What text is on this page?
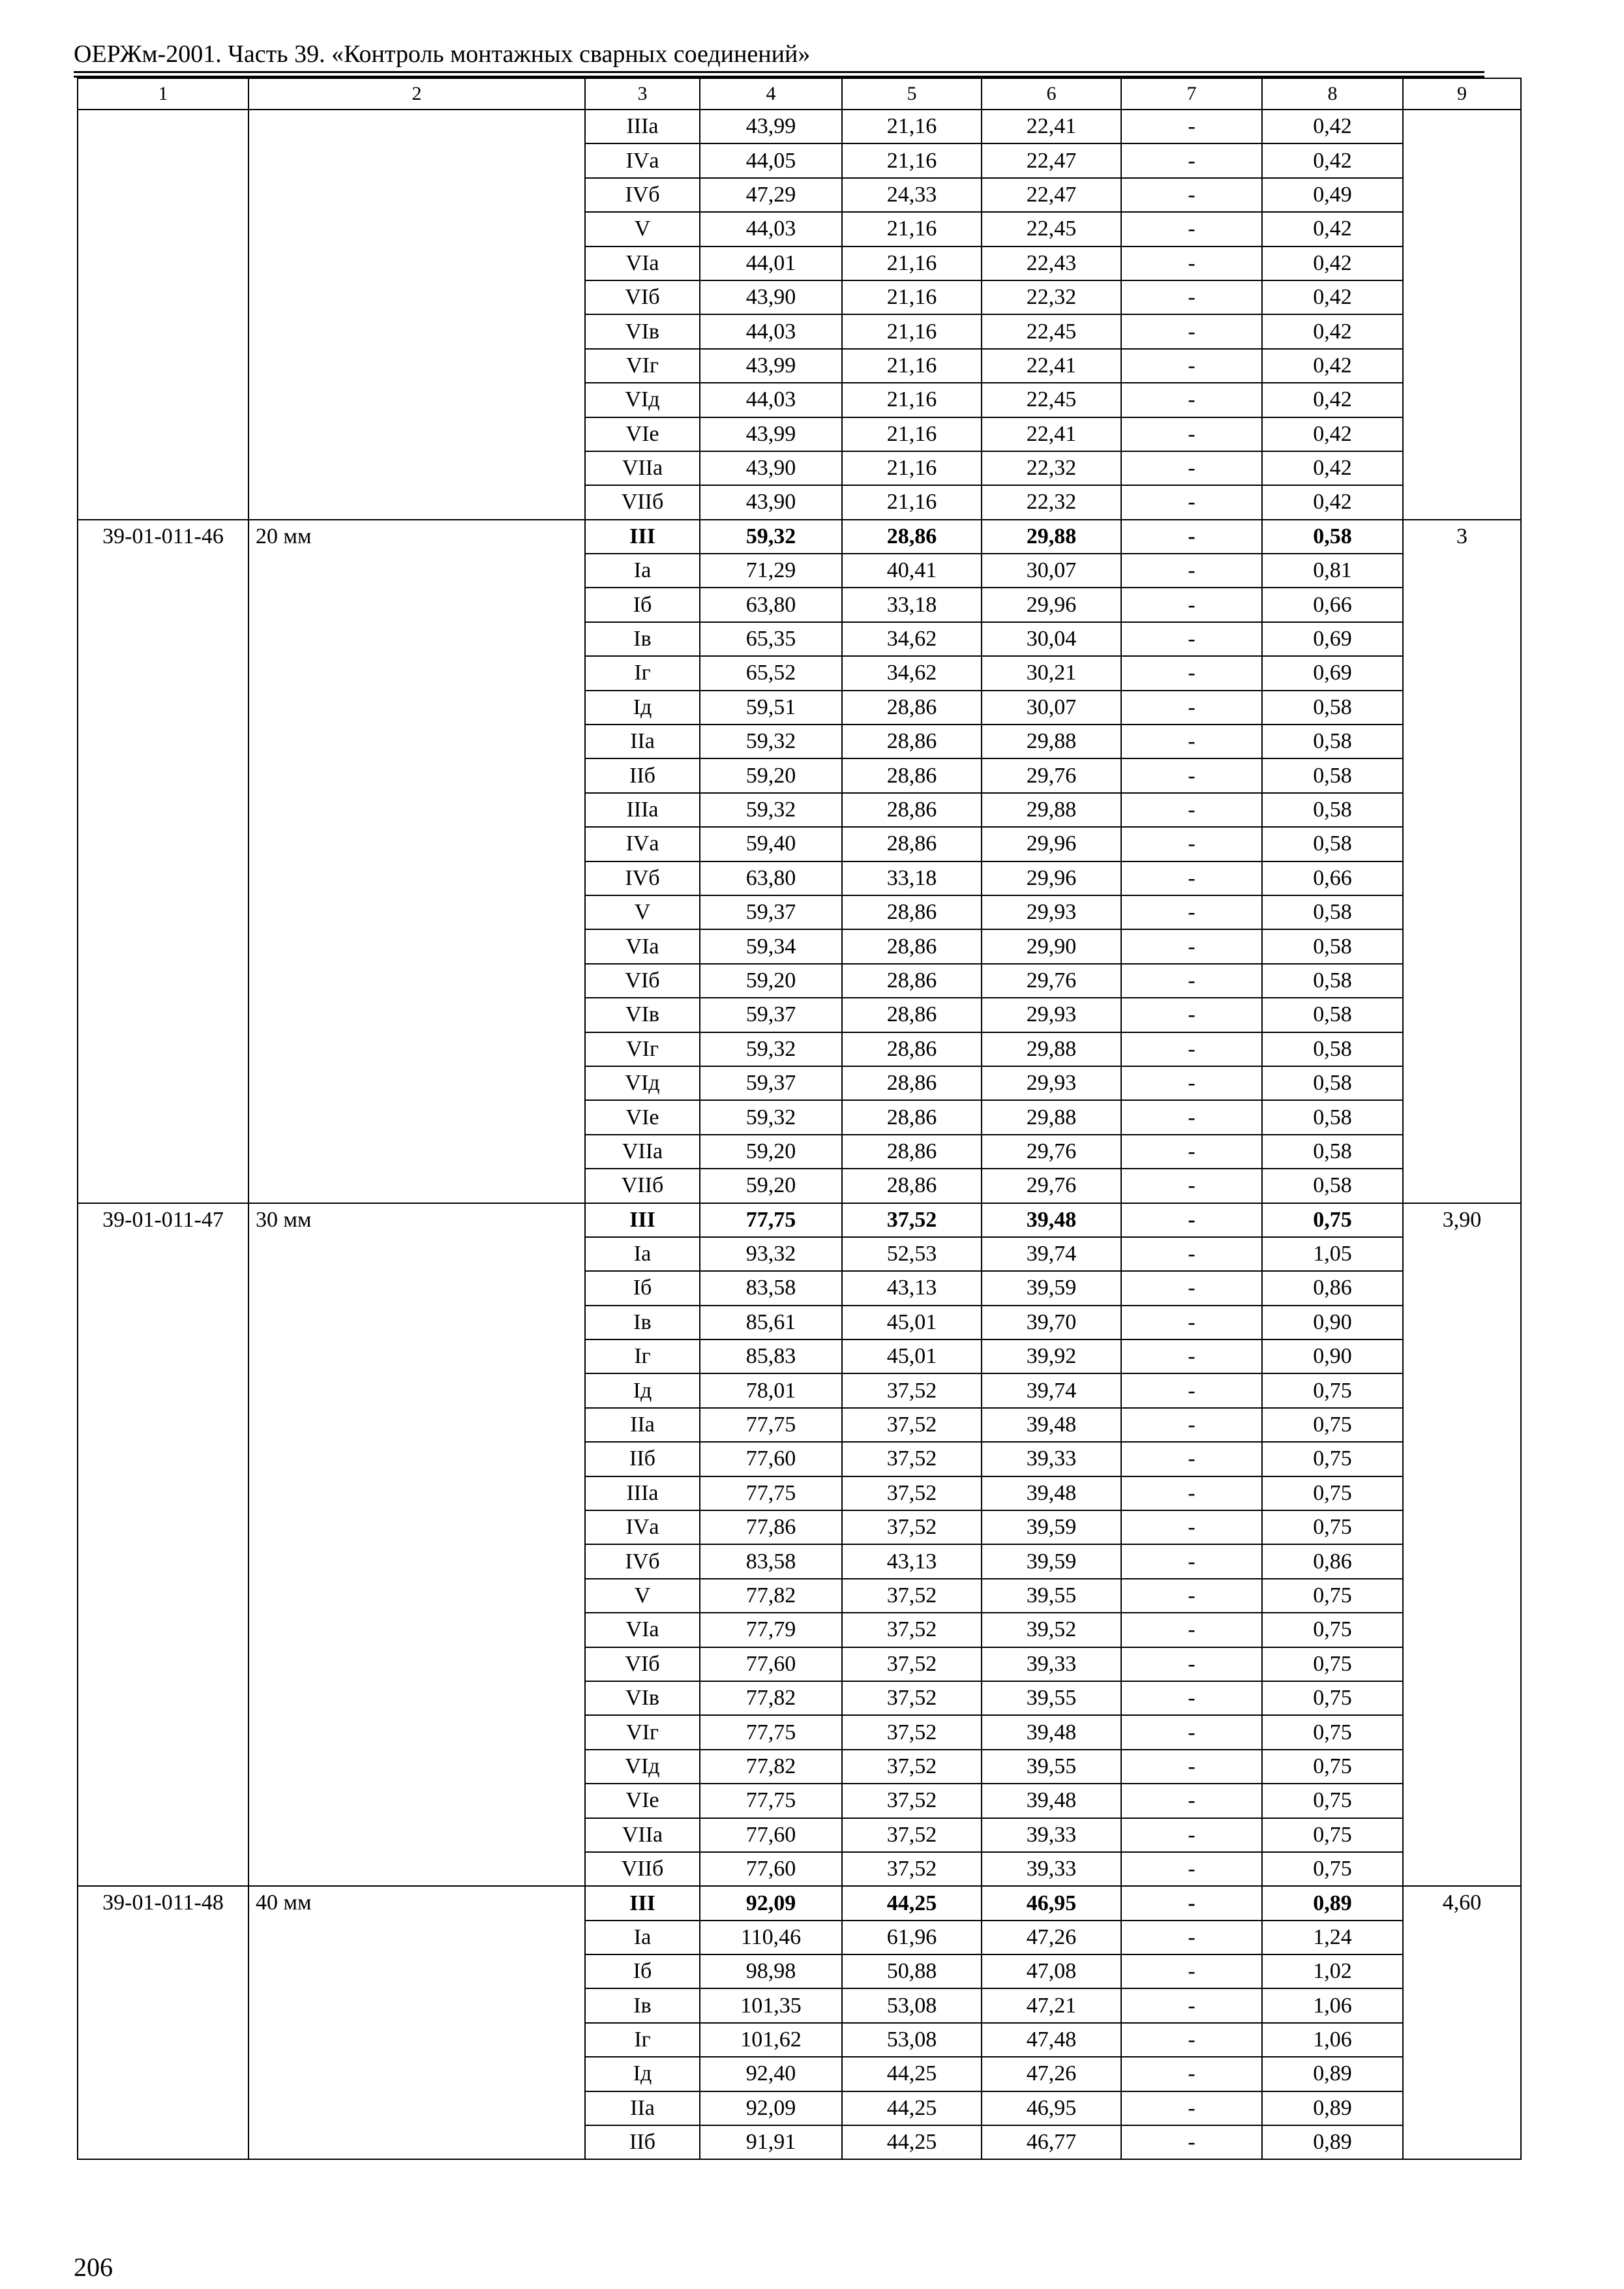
ОЕРЖм-2001. Часть 39. «Контроль монтажных сварных соединений»
1	2	3	4	5	6	7	8	9
		IIIа	43,99	21,16	22,41	-	0,42	
		IVа	44,05	21,16	22,47	-	0,42	
		IVб	47,29	24,33	22,47	-	0,49	
		V	44,03	21,16	22,45	-	0,42	
		VIа	44,01	21,16	22,43	-	0,42	
		VIб	43,90	21,16	22,32	-	0,42	
		VIв	44,03	21,16	22,45	-	0,42	
		VIг	43,99	21,16	22,41	-	0,42	
		VIд	44,03	21,16	22,45	-	0,42	
		VIе	43,99	21,16	22,41	-	0,42	
		VIIа	43,90	21,16	22,32	-	0,42	
		VIIб	43,90	21,16	22,32	-	0,42	
39-01-011-46	20 мм	III	59,32	28,86	29,88	-	0,58	3
		Iа	71,29	40,41	30,07	-	0,81	
		Iб	63,80	33,18	29,96	-	0,66	
		Iв	65,35	34,62	30,04	-	0,69	
		Iг	65,52	34,62	30,21	-	0,69	
		Iд	59,51	28,86	30,07	-	0,58	
		IIа	59,32	28,86	29,88	-	0,58	
		IIб	59,20	28,86	29,76	-	0,58	
		IIIа	59,32	28,86	29,88	-	0,58	
		IVа	59,40	28,86	29,96	-	0,58	
		IVб	63,80	33,18	29,96	-	0,66	
		V	59,37	28,86	29,93	-	0,58	
		VIа	59,34	28,86	29,90	-	0,58	
		VIб	59,20	28,86	29,76	-	0,58	
		VIв	59,37	28,86	29,93	-	0,58	
		VIг	59,32	28,86	29,88	-	0,58	
		VIд	59,37	28,86	29,93	-	0,58	
		VIе	59,32	28,86	29,88	-	0,58	
		VIIа	59,20	28,86	29,76	-	0,58	
		VIIб	59,20	28,86	29,76	-	0,58	
39-01-011-47	30 мм	III	77,75	37,52	39,48	-	0,75	3,90
		Iа	93,32	52,53	39,74	-	1,05	
		Iб	83,58	43,13	39,59	-	0,86	
		Iв	85,61	45,01	39,70	-	0,90	
		Iг	85,83	45,01	39,92	-	0,90	
		Iд	78,01	37,52	39,74	-	0,75	
		IIа	77,75	37,52	39,48	-	0,75	
		IIб	77,60	37,52	39,33	-	0,75	
		IIIа	77,75	37,52	39,48	-	0,75	
		IVа	77,86	37,52	39,59	-	0,75	
		IVб	83,58	43,13	39,59	-	0,86	
		V	77,82	37,52	39,55	-	0,75	
		VIа	77,79	37,52	39,52	-	0,75	
		VIб	77,60	37,52	39,33	-	0,75	
		VIв	77,82	37,52	39,55	-	0,75	
		VIг	77,75	37,52	39,48	-	0,75	
		VIд	77,82	37,52	39,55	-	0,75	
		VIе	77,75	37,52	39,48	-	0,75	
		VIIа	77,60	37,52	39,33	-	0,75	
		VIIб	77,60	37,52	39,33	-	0,75	
39-01-011-48	40 мм	III	92,09	44,25	46,95	-	0,89	4,60
		Iа	110,46	61,96	47,26	-	1,24	
		Iб	98,98	50,88	47,08	-	1,02	
		Iв	101,35	53,08	47,21	-	1,06	
		Iг	101,62	53,08	47,48	-	1,06	
		Iд	92,40	44,25	47,26	-	0,89	
		IIа	92,09	44,25	46,95	-	0,89	
		IIб	91,91	44,25	46,77	-	0,89	
206
